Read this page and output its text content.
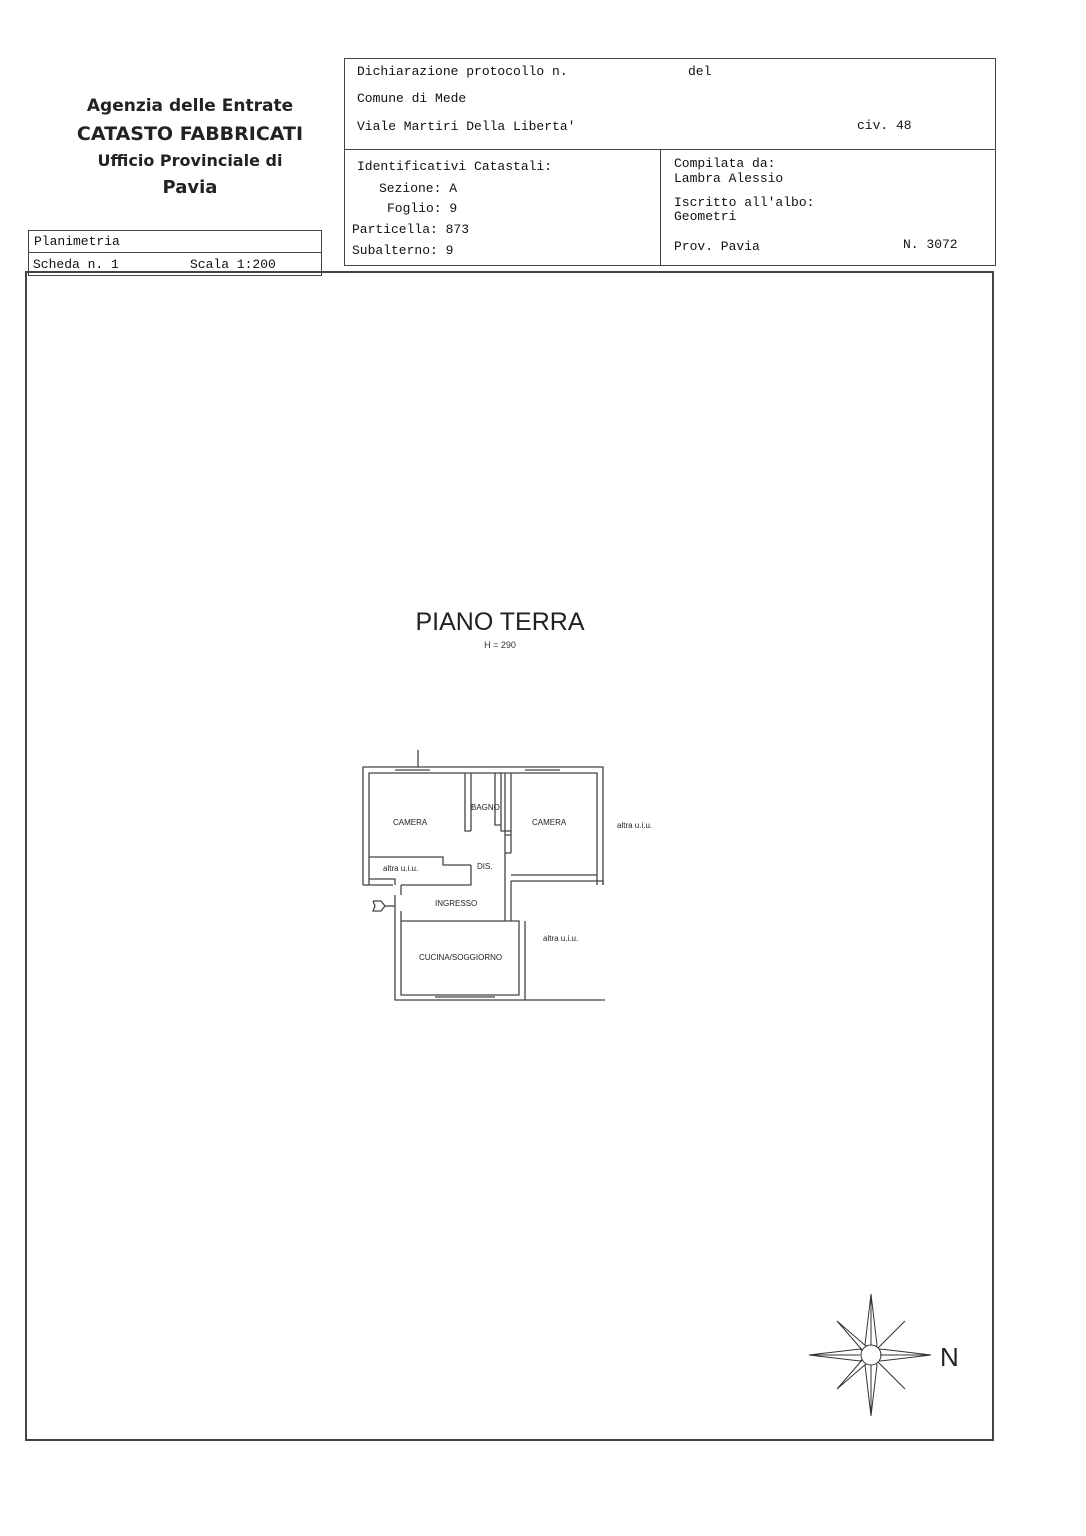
Agenzia delle Entrate
CATASTO FABBRICATI
Ufficio Provinciale di
Pavia
Planimetria
Scheda n. 1	Scala 1:200
Dichiarazione protocollo n.	del
Comune di Mede
Viale Martiri Della Liberta'	civ. 48
Identificativi Catastali:
Sezione: A
Foglio: 9
Particella: 873
Subalterno: 9
Compilata da:
Lambra Alessio
Iscritto all'albo:
Geometri
Prov. Pavia	N. 3072
PIANO TERRA
H = 290
CAMERA
BAGNO
CAMERA	altra u.i.u.
altra u.i.u.	DIS.
INGRESSO
altra u.i.u.
CUCINA/SOGGIORNO
N
